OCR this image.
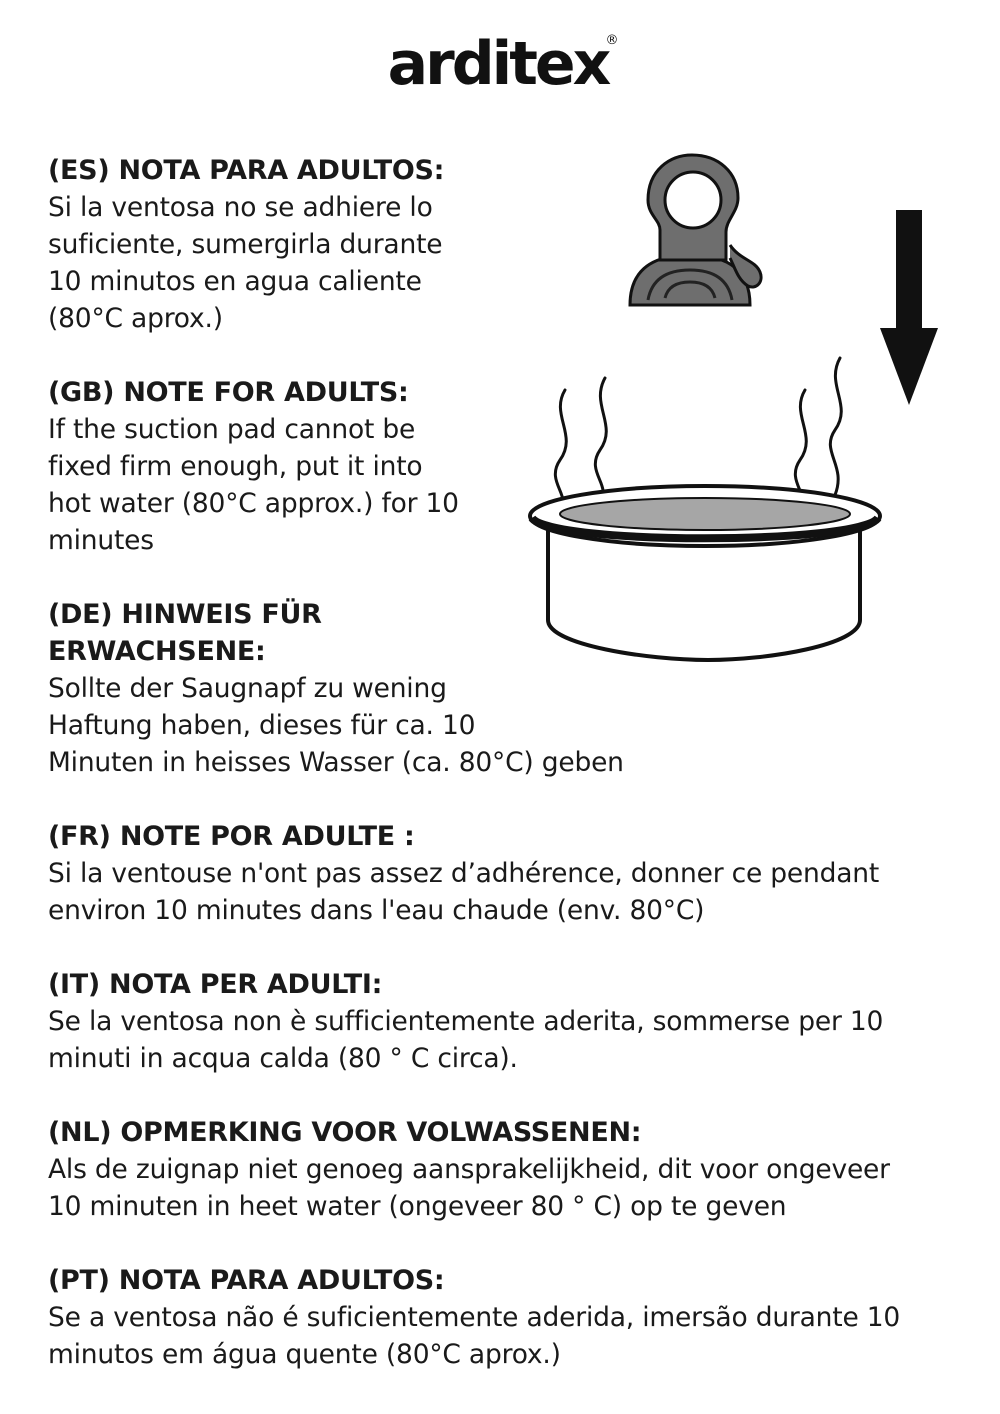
arditex
®

(ES) NOTA PARA ADULTOS:

Si la ventosa no se adhiere lo
suficiente, sumergirla durante
10 minutos en agua caliente
(80°C aprox.)

(GB) NOTE FOR ADULTS:

If the suction pad cannot be
fixed firm enough, put it into
hot water (80°C approx.) for 10
minutes

(DE) HINWEIS FÜR
ERWACHSENE:

Sollte der Saugnapf zu wening
Haftung haben, dieses für ca. 10
Minuten in heisses Wasser (ca. 80°C) geben

(FR) NOTE POR ADULTE :

Si la ventouse n'ont pas assez d’adhérence, donner ce pendant
environ 10 minutes dans l'eau chaude (env. 80°C)

(IT) NOTA PER ADULTI:

Se la ventosa non è sufficientemente aderita, sommerse per 10
minuti in acqua calda (80 ° C circa).

(NL) OPMERKING VOOR VOLWASSENEN:

Als de zuignap niet genoeg aansprakelijkheid, dit voor ongeveer
10 minuten in heet water (ongeveer 80 ° C) op te geven

(PT) NOTA PARA ADULTOS:

Se a ventosa não é suficientemente aderida, imersão durante 10
minutos em água quente (80°C aprox.)
